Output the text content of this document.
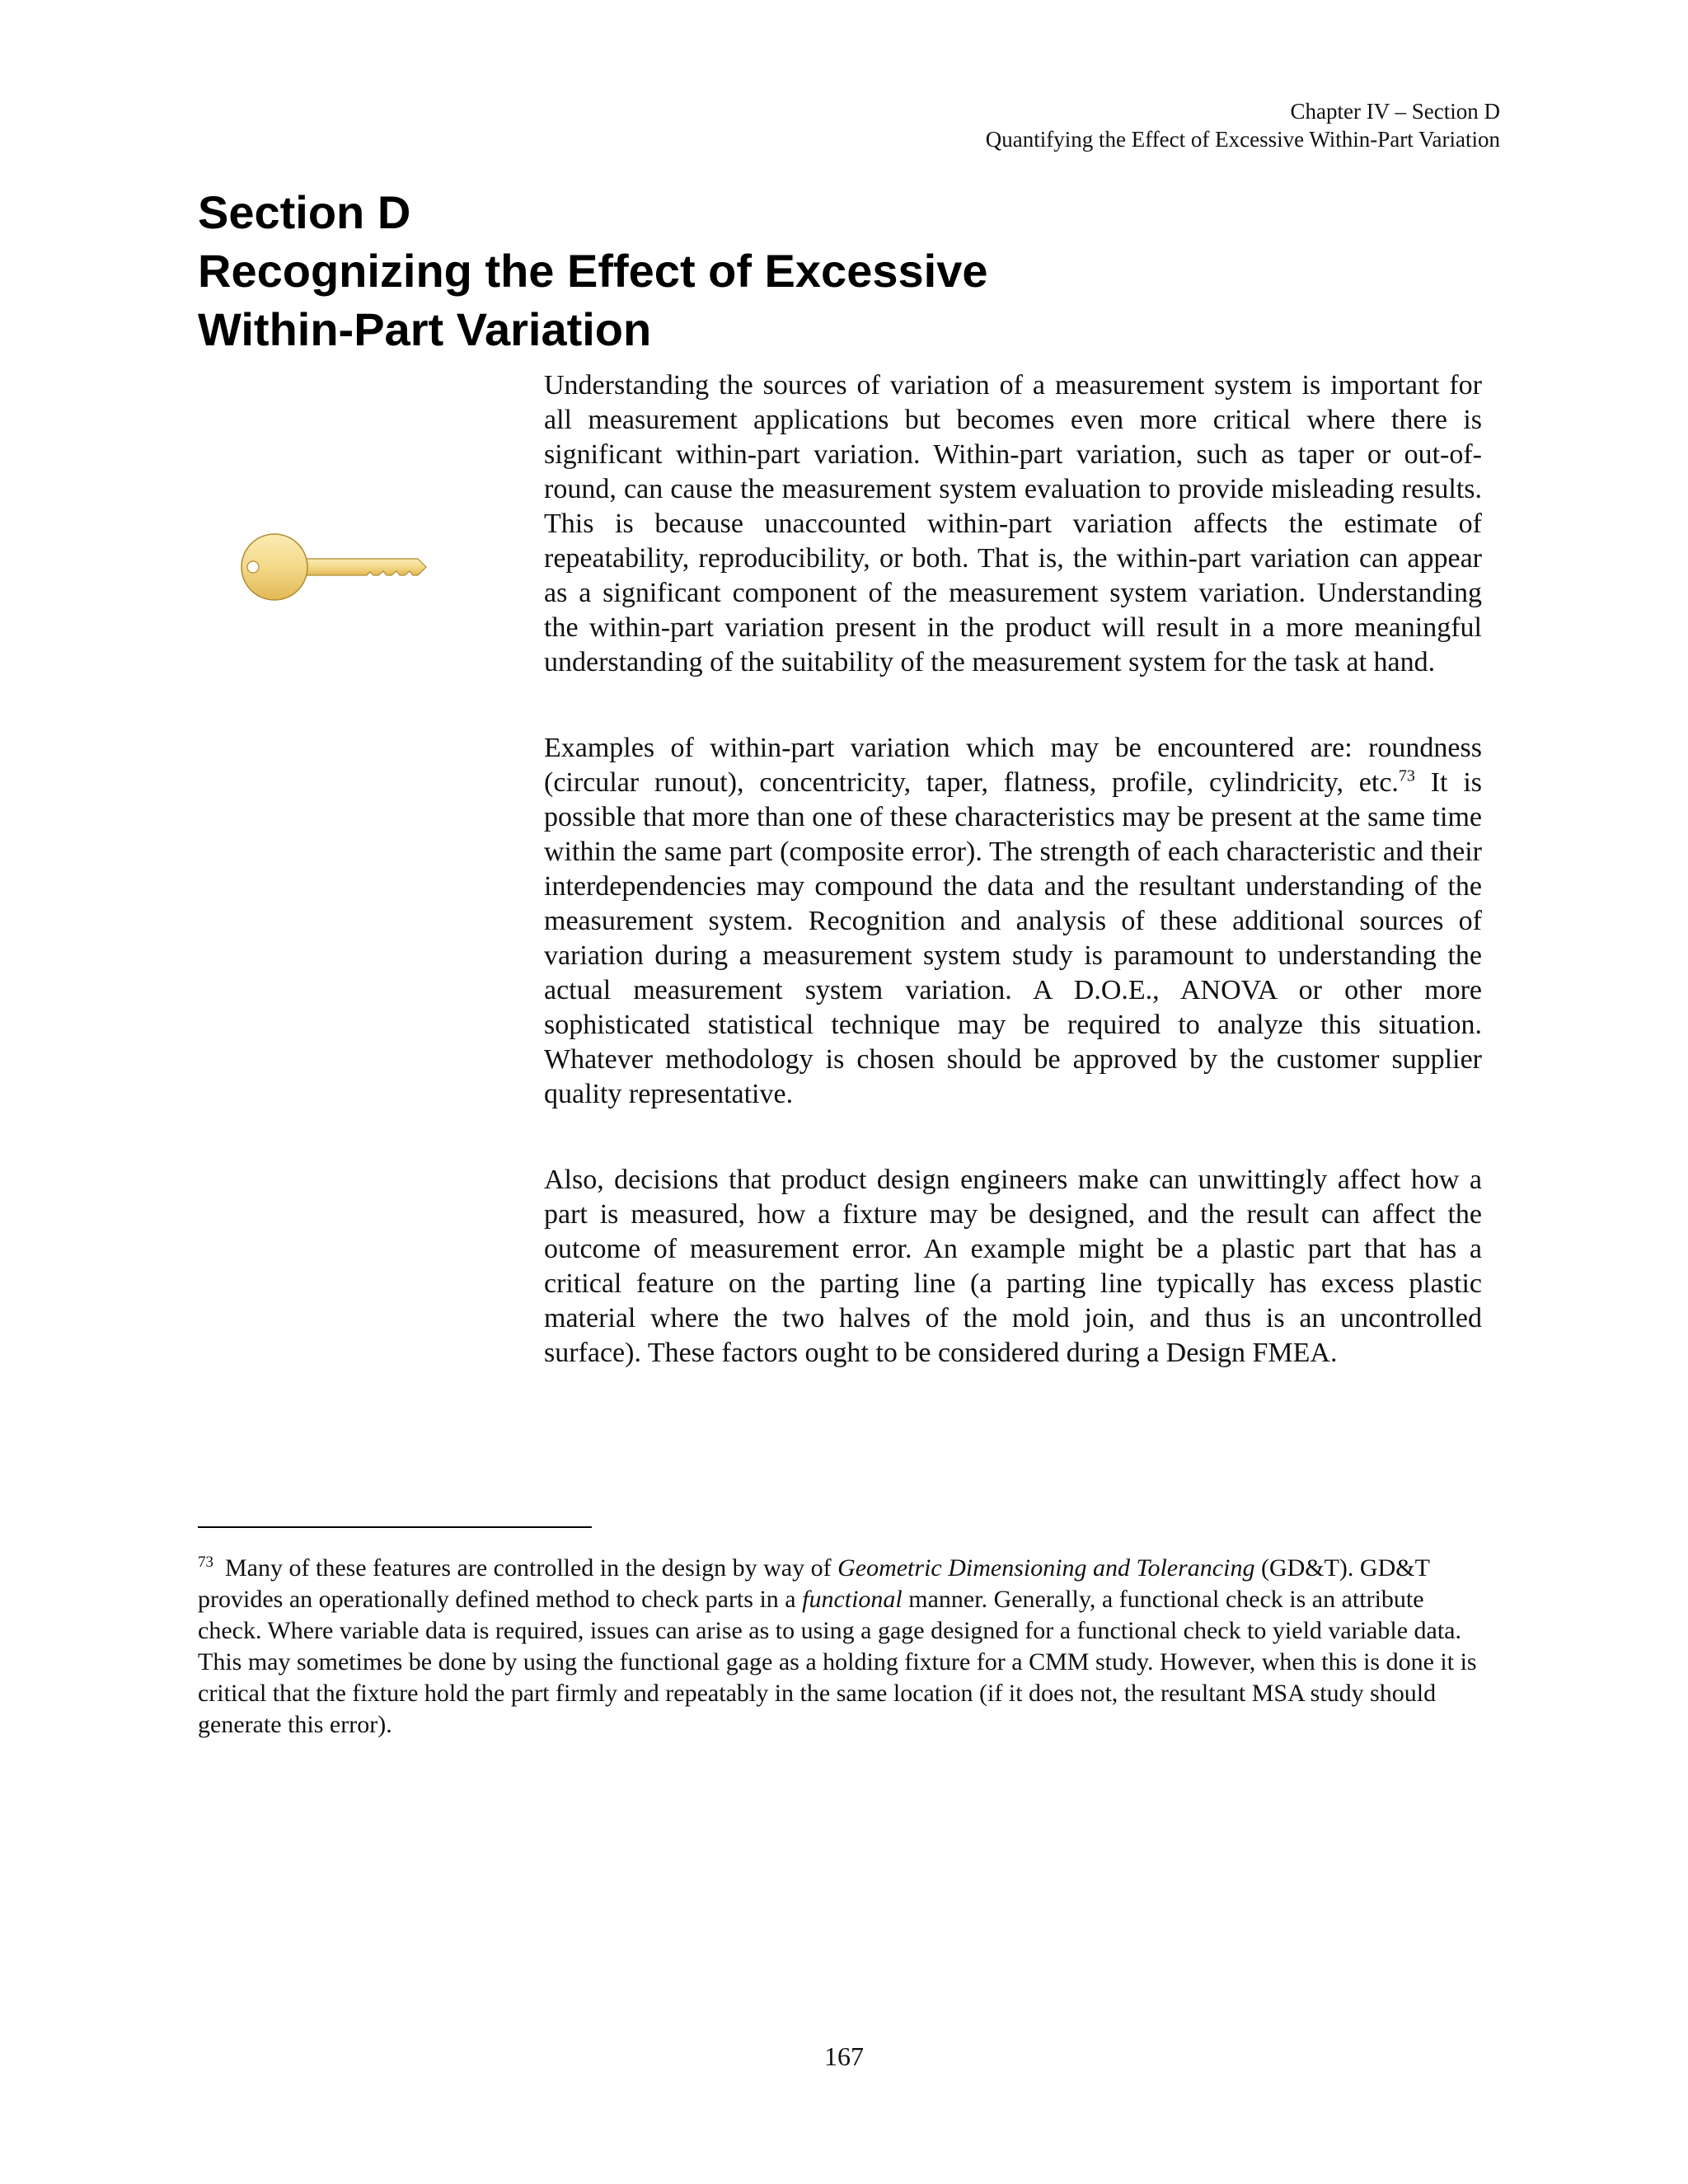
Chapter IV – Section D
Quantifying the Effect of Excessive Within-Part Variation
Section D
Recognizing the Effect of Excessive
Within-Part Variation

Understanding the sources of variation of a measurement system is important for all measurement applications but becomes even more critical where there is significant within-part variation. Within-part variation, such as taper or out-of-round, can cause the measurement system evaluation to provide misleading results. This is because unaccounted within-part variation affects the estimate of repeatability, reproducibility, or both. That is, the within-part variation can appear as a significant component of the measurement system variation. Understanding the within-part variation present in the product will result in a more meaningful understanding of the suitability of the measurement system for the task at hand.

Examples of within-part variation which may be encountered are: roundness (circular runout), concentricity, taper, flatness, profile, cylindricity, etc.$^{73}$ It is possible that more than one of these characteristics may be present at the same time within the same part (composite error). The strength of each characteristic and their interdependencies may compound the data and the resultant understanding of the measurement system. Recognition and analysis of these additional sources of variation during a measurement system study is paramount to understanding the actual measurement system variation. A D.O.E., ANOVA or other more sophisticated statistical technique may be required to analyze this situation. Whatever methodology is chosen should be approved by the customer supplier quality representative.

Also, decisions that product design engineers make can unwittingly affect how a part is measured, how a fixture may be designed, and the result can affect the outcome of measurement error. An example might be a plastic part that has a critical feature on the parting line (a parting line typically has excess plastic material where the two halves of the mold join, and thus is an uncontrolled surface). These factors ought to be considered during a Design FMEA.

$^{73}$ Many of these features are controlled in the design by way of Geometric Dimensioning and Tolerancing (GD&T). GD&T provides an operationally defined method to check parts in a functional manner. Generally, a functional check is an attribute check. Where variable data is required, issues can arise as to using a gage designed for a functional check to yield variable data. This may sometimes be done by using the functional gage as a holding fixture for a CMM study. However, when this is done it is critical that the fixture hold the part firmly and repeatably in the same location (if it does not, the resultant MSA study should generate this error).

167
